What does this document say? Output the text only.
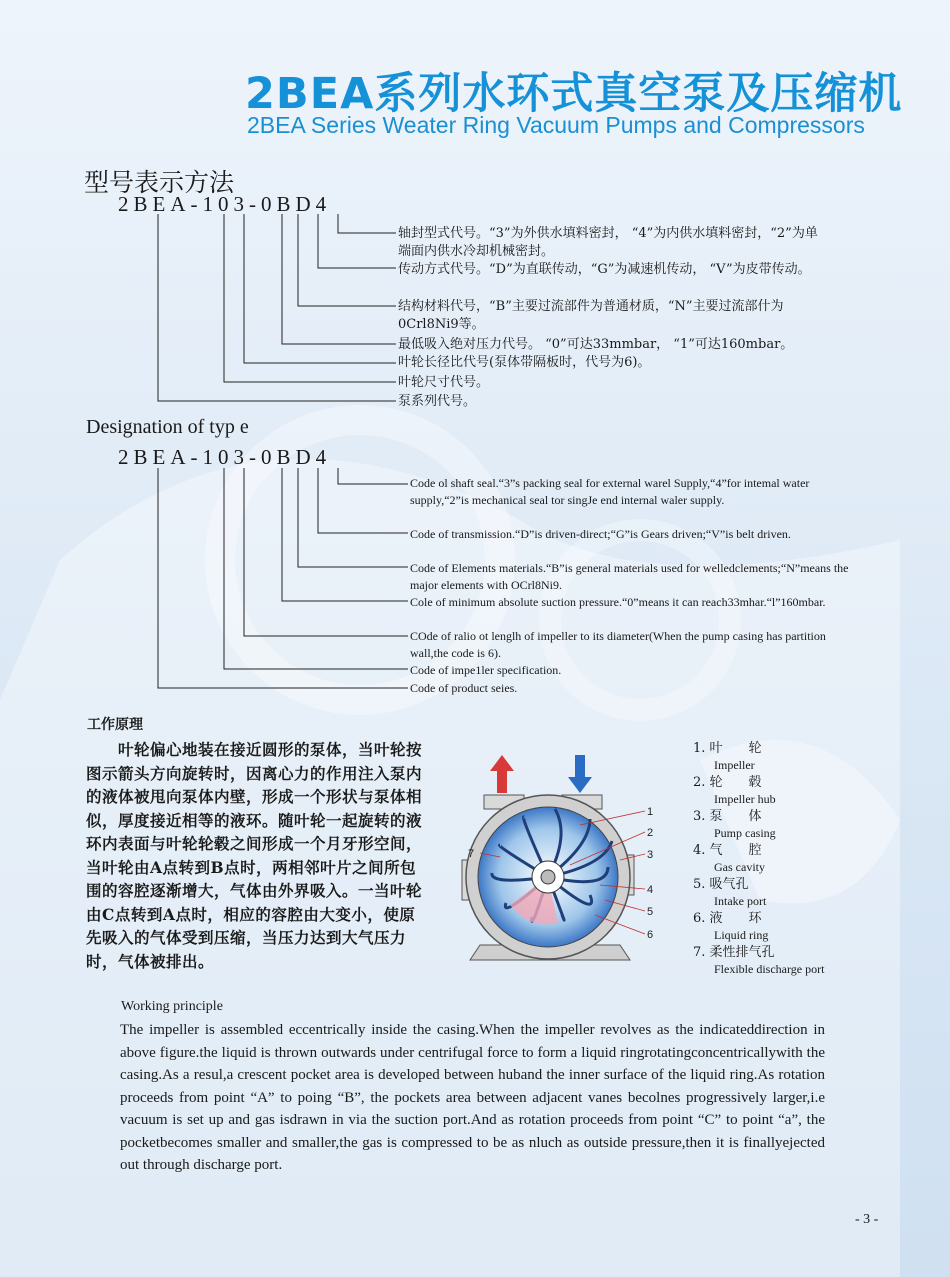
2BEA系列水环式真空泵及压缩机
2BEA Series Weater Ring Vacuum Pumps and Compressors
型号表示方法
2BEA-103-0BD4
轴封型式代号。“3”为外供水填料密封， “4”为内供水填料密封，“2”为单端面内供水冷却机械密封。
传动方式代号。“D”为直联传动，“G”为减速机传动， “V”为皮带传动。
结构材料代号，“B”主要过流部件为普通材质，“N”主要过流部什为0Crl8Ni9等。
最低吸入绝对压力代号。 “0”可达33mmbar， “1”可达160mbar。
叶轮长径比代号(泵体带隔板时，代号为6)。
叶轮尺寸代号。
泵系列代号。
Designation of typ e
2BEA-103-0BD4
Code ol shaft seal.“3”s packing seal for external warel Supply,“4”for intemal water supply,“2”is mechanical seal tor singJe end internal waler supply.
Code of transmission.“D”is driven-direct;“G”is Gears driven;“V”is belt driven.
Code of Elements materials.“B”is general materials used for welledclements;“N”means the major elements with OCrl8Ni9.
Cole of minimum absolute suction pressure.“0”means it can reach33mhar.“l”160mbar.
COde of ralio ot lenglh of impeller to its diameter(When the pump casing has partition wall,the code is 6).
Code of impe1ler specification.
Code of product seies.
工作原理
叶轮偏心地装在接近圆形的泵体，当叶轮按图示箭头方向旋转时，因离心力的作用注入泵内的液体被甩向泵体内壁，形成一个形状与泵体相似，厚度接近相等的液环。随叶轮一起旋转的液环内表面与叶轮轮毂之间形成一个月牙形空间，当叶轮由A点转到B点时，两相邻叶片之间所包围的容腔逐渐增大，气体由外界吸入。一当叶轮由C点转到A点时，相应的容腔由大变小，使原先吸入的气体受到压缩，当压力达到大气压力时，气体被排出。
1
2
3
4
5
6
7
1. 叶　　轮
Impeller
2. 轮　　毂
Impeller hub
3. 泵　　体
Pump casing
4. 气　　腔
Gas cavity
5. 吸气孔
Intake port
6. 液　　环
Liquid ring
7. 柔性排气孔
Flexible discharge port
Working principle
The impeller is assembled eccentrically inside the casing.When the impeller revolves as the indicateddirection in above figure.the liquid is thrown outwards under centrifugal force to form a liquid ringrotatingconcentricallywith the casing.As a resul,a crescent pocket area is developed between huband the inner surface of the liquid ring.As rotation proceeds from point “A” to poing “B”, the pockets area between adjacent vanes becolnes progressively larger,i.e vacuum is set up and gas isdrawn in via the suction port.And as rotation proceeds from point “C” to point “a”, the pocketbecomes smaller and smaller,the gas is compressed to be as nluch as outside pressure,then it is finallyejected out through discharge port.
- 3 -
